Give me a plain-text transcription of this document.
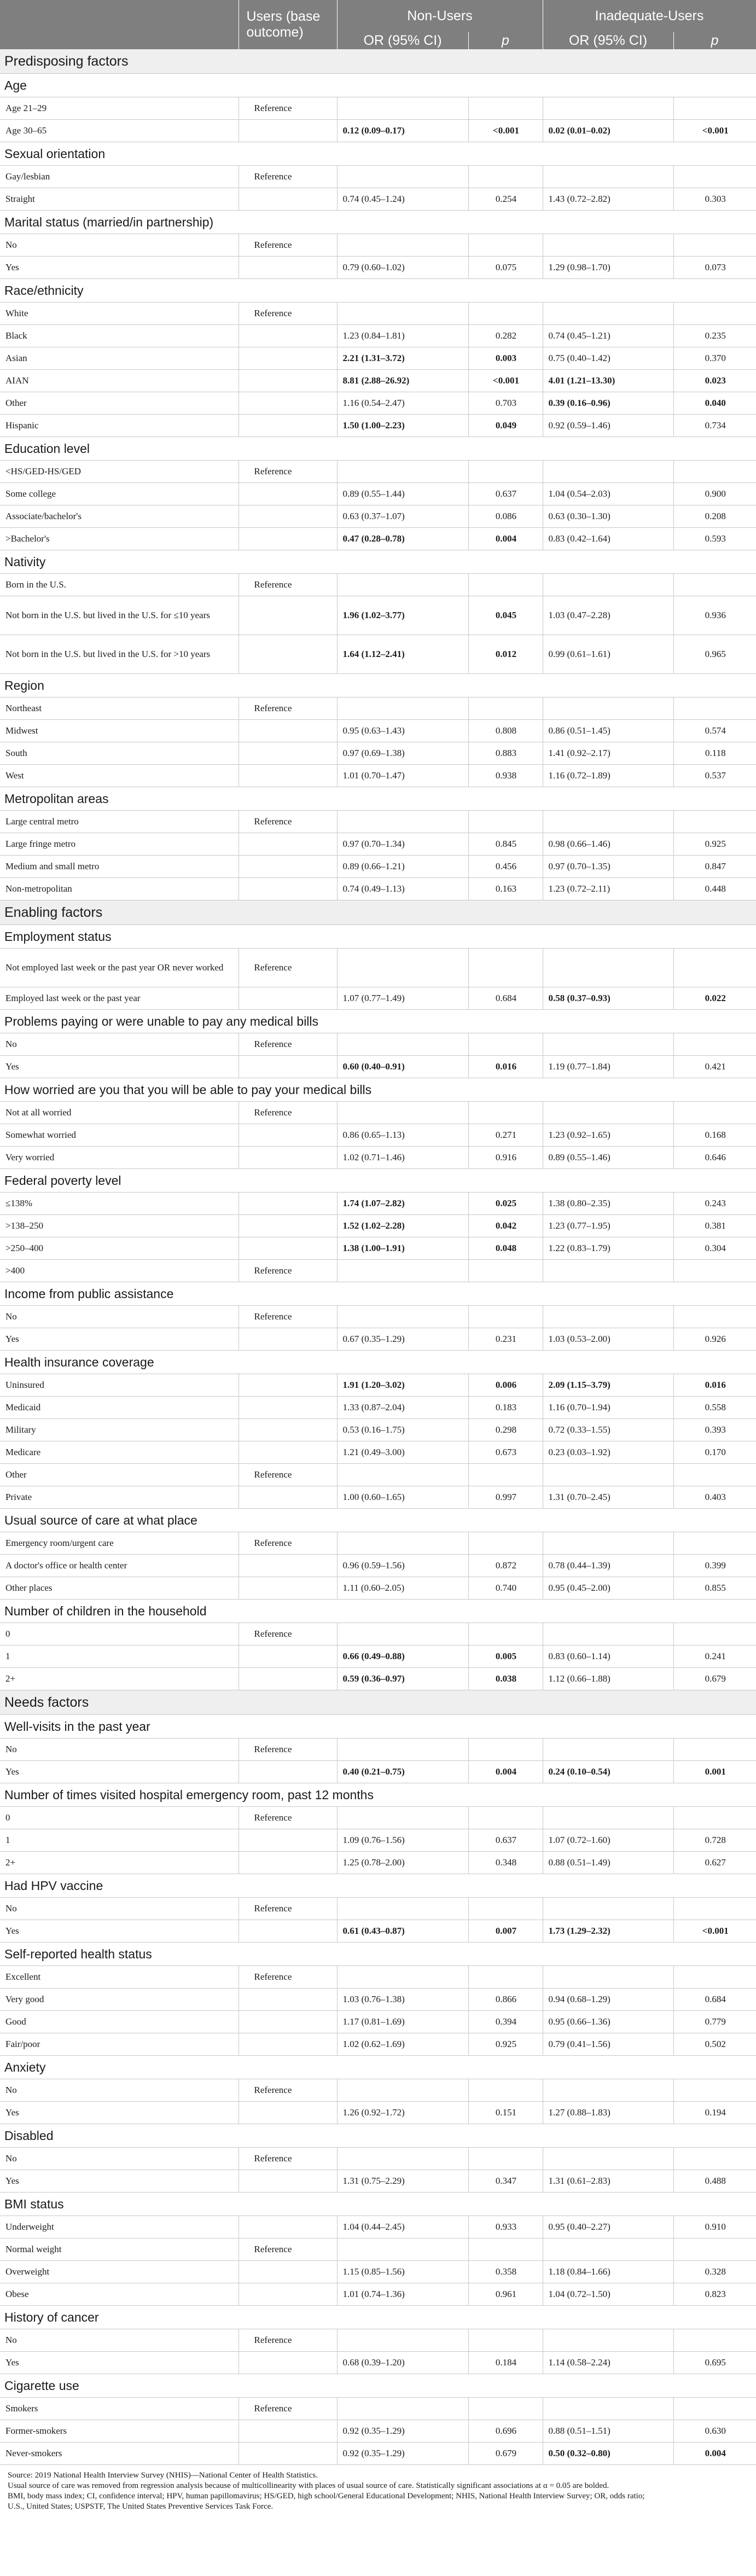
	Users (base outcome)	Non-Users		Inadequate-Users	
		OR (95% CI)	p	OR (95% CI)	p
Predisposing factors					
Age					
Age 21–29	Reference				
Age 30–65		0.12 (0.09–0.17)	<0.001	0.02 (0.01–0.02)	<0.001
Sexual orientation					
Gay/lesbian	Reference				
Straight		0.74 (0.45–1.24)	0.254	1.43 (0.72–2.82)	0.303
Marital status (married/in partnership)					
No	Reference				
Yes		0.79 (0.60–1.02)	0.075	1.29 (0.98–1.70)	0.073
Race/ethnicity					
White	Reference				
Black		1.23 (0.84–1.81)	0.282	0.74 (0.45–1.21)	0.235
Asian		2.21 (1.31–3.72)	0.003	0.75 (0.40–1.42)	0.370
AIAN		8.81 (2.88–26.92)	<0.001	4.01 (1.21–13.30)	0.023
Other		1.16 (0.54–2.47)	0.703	0.39 (0.16–0.96)	0.040
Hispanic		1.50 (1.00–2.23)	0.049	0.92 (0.59–1.46)	0.734
Education level					
<HS/GED-HS/GED	Reference				
Some college		0.89 (0.55–1.44)	0.637	1.04 (0.54–2.03)	0.900
Associate/bachelor's		0.63 (0.37–1.07)	0.086	0.63 (0.30–1.30)	0.208
>Bachelor's		0.47 (0.28–0.78)	0.004	0.83 (0.42–1.64)	0.593
Nativity					
Born in the U.S.	Reference				
Not born in the U.S. but lived in the U.S. for ≤10 years		1.96 (1.02–3.77)	0.045	1.03 (0.47–2.28)	0.936
Not born in the U.S. but lived in the U.S. for >10 years		1.64 (1.12–2.41)	0.012	0.99 (0.61–1.61)	0.965
Region					
Northeast	Reference				
Midwest		0.95 (0.63–1.43)	0.808	0.86 (0.51–1.45)	0.574
South		0.97 (0.69–1.38)	0.883	1.41 (0.92–2.17)	0.118
West		1.01 (0.70–1.47)	0.938	1.16 (0.72–1.89)	0.537
Metropolitan areas					
Large central metro	Reference				
Large fringe metro		0.97 (0.70–1.34)	0.845	0.98 (0.66–1.46)	0.925
Medium and small metro		0.89 (0.66–1.21)	0.456	0.97 (0.70–1.35)	0.847
Non-metropolitan		0.74 (0.49–1.13)	0.163	1.23 (0.72–2.11)	0.448
Enabling factors					
Employment status					
Not employed last week or the past year OR never worked	Reference				
Employed last week or the past year		1.07 (0.77–1.49)	0.684	0.58 (0.37–0.93)	0.022
Problems paying or were unable to pay any medical bills					
No	Reference				
Yes		0.60 (0.40–0.91)	0.016	1.19 (0.77–1.84)	0.421
How worried are you that you will be able to pay your medical bills					
Not at all worried	Reference				
Somewhat worried		0.86 (0.65–1.13)	0.271	1.23 (0.92–1.65)	0.168
Very worried		1.02 (0.71–1.46)	0.916	0.89 (0.55–1.46)	0.646
Federal poverty level					
≤138%		1.74 (1.07–2.82)	0.025	1.38 (0.80–2.35)	0.243
>138–250		1.52 (1.02–2.28)	0.042	1.23 (0.77–1.95)	0.381
>250–400		1.38 (1.00–1.91)	0.048	1.22 (0.83–1.79)	0.304
>400	Reference				
Income from public assistance					
No	Reference				
Yes		0.67 (0.35–1.29)	0.231	1.03 (0.53–2.00)	0.926
Health insurance coverage					
Uninsured		1.91 (1.20–3.02)	0.006	2.09 (1.15–3.79)	0.016
Medicaid		1.33 (0.87–2.04)	0.183	1.16 (0.70–1.94)	0.558
Military		0.53 (0.16–1.75)	0.298	0.72 (0.33–1.55)	0.393
Medicare		1.21 (0.49–3.00)	0.673	0.23 (0.03–1.92)	0.170
Other	Reference				
Private		1.00 (0.60–1.65)	0.997	1.31 (0.70–2.45)	0.403
Usual source of care at what place					
Emergency room/urgent care	Reference				
A doctor's office or health center		0.96 (0.59–1.56)	0.872	0.78 (0.44–1.39)	0.399
Other places		1.11 (0.60–2.05)	0.740	0.95 (0.45–2.00)	0.855
Number of children in the household					
0	Reference				
1		0.66 (0.49–0.88)	0.005	0.83 (0.60–1.14)	0.241
2+		0.59 (0.36–0.97)	0.038	1.12 (0.66–1.88)	0.679
Needs factors					
Well-visits in the past year					
No	Reference				
Yes		0.40 (0.21–0.75)	0.004	0.24 (0.10–0.54)	0.001
Number of times visited hospital emergency room, past 12 months					
0	Reference				
1		1.09 (0.76–1.56)	0.637	1.07 (0.72–1.60)	0.728
2+		1.25 (0.78–2.00)	0.348	0.88 (0.51–1.49)	0.627
Had HPV vaccine					
No	Reference				
Yes		0.61 (0.43–0.87)	0.007	1.73 (1.29–2.32)	<0.001
Self-reported health status					
Excellent	Reference				
Very good		1.03 (0.76–1.38)	0.866	0.94 (0.68–1.29)	0.684
Good		1.17 (0.81–1.69)	0.394	0.95 (0.66–1.36)	0.779
Fair/poor		1.02 (0.62–1.69)	0.925	0.79 (0.41–1.56)	0.502
Anxiety					
No	Reference				
Yes		1.26 (0.92–1.72)	0.151	1.27 (0.88–1.83)	0.194
Disabled					
No	Reference				
Yes		1.31 (0.75–2.29)	0.347	1.31 (0.61–2.83)	0.488
BMI status					
Underweight		1.04 (0.44–2.45)	0.933	0.95 (0.40–2.27)	0.910
Normal weight	Reference				
Overweight		1.15 (0.85–1.56)	0.358	1.18 (0.84–1.66)	0.328
Obese		1.01 (0.74–1.36)	0.961	1.04 (0.72–1.50)	0.823
History of cancer					
No	Reference				
Yes		0.68 (0.39–1.20)	0.184	1.14 (0.58–2.24)	0.695
Cigarette use					
Smokers	Reference				
Former-smokers		0.92 (0.35–1.29)	0.696	0.88 (0.51–1.51)	0.630
Never-smokers		0.92 (0.35–1.29)	0.679	0.50 (0.32–0.80)	0.004
Source: 2019 National Health Interview Survey (NHIS)—National Center of Health Statistics.
Usual source of care was removed from regression analysis because of multicollinearity with places of usual source of care. Statistically significant associations at α = 0.05 are bolded.
BMI, body mass index; CI, confidence interval; HPV, human papillomavirus; HS/GED, high school/General Educational Development; NHIS, National Health Interview Survey; OR, odds ratio;
U.S., United States; USPSTF, The United States Preventive Services Task Force.
